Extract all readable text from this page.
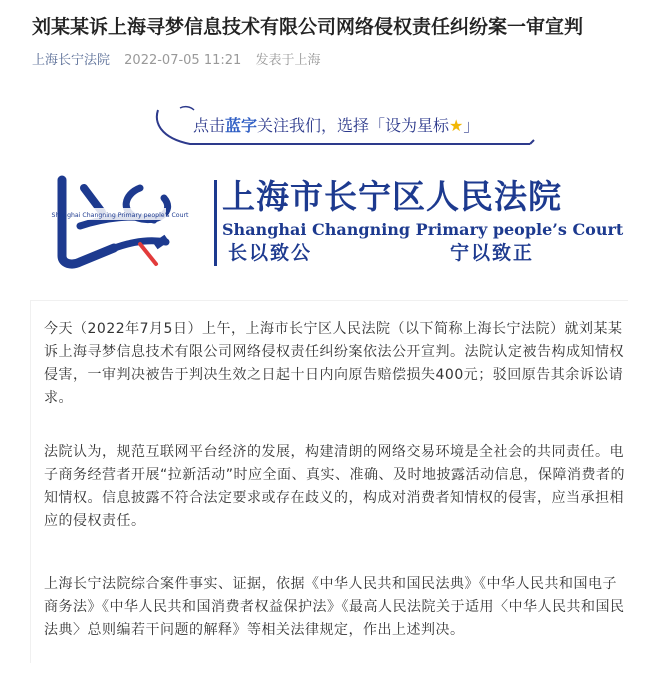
刘某某诉上海寻梦信息技术有限公司网络侵权责任纠纷案一审宣判
上海长宁法院 2022-07-05 11:21 发表于上海
点击蓝字关注我们，选择「设为星标★」
Shanghai Changning Primary people's Court 上海市长宁区人民法院
Shanghai Changning Primary people’s Court
长以致公	宁以致正

今天（2022年7月5日）上午，上海市长宁区人民法院（以下简称上海长宁法院）就刘某某诉上海寻梦信息技术有限公司网络侵权责任纠纷案依法公开宣判。法院认定被告构成知情权侵害，一审判决被告于判决生效之日起十日内向原告赔偿损失400元；驳回原告其余诉讼请求。

法院认为，规范互联网平台经济的发展，构建清朗的网络交易环境是全社会的共同责任。电子商务经营者开展“拉新活动”时应全面、真实、准确、及时地披露活动信息，保障消费者的知情权。信息披露不符合法定要求或存在歧义的，构成对消费者知情权的侵害，应当承担相应的侵权责任。

上海长宁法院综合案件事实、证据，依据《中华人民共和国民法典》《中华人民共和国电子商务法》《中华人民共和国消费者权益保护法》《最高人民法院关于适用〈中华人民共和国民法典〉总则编若干问题的解释》等相关法律规定，作出上述判决。
